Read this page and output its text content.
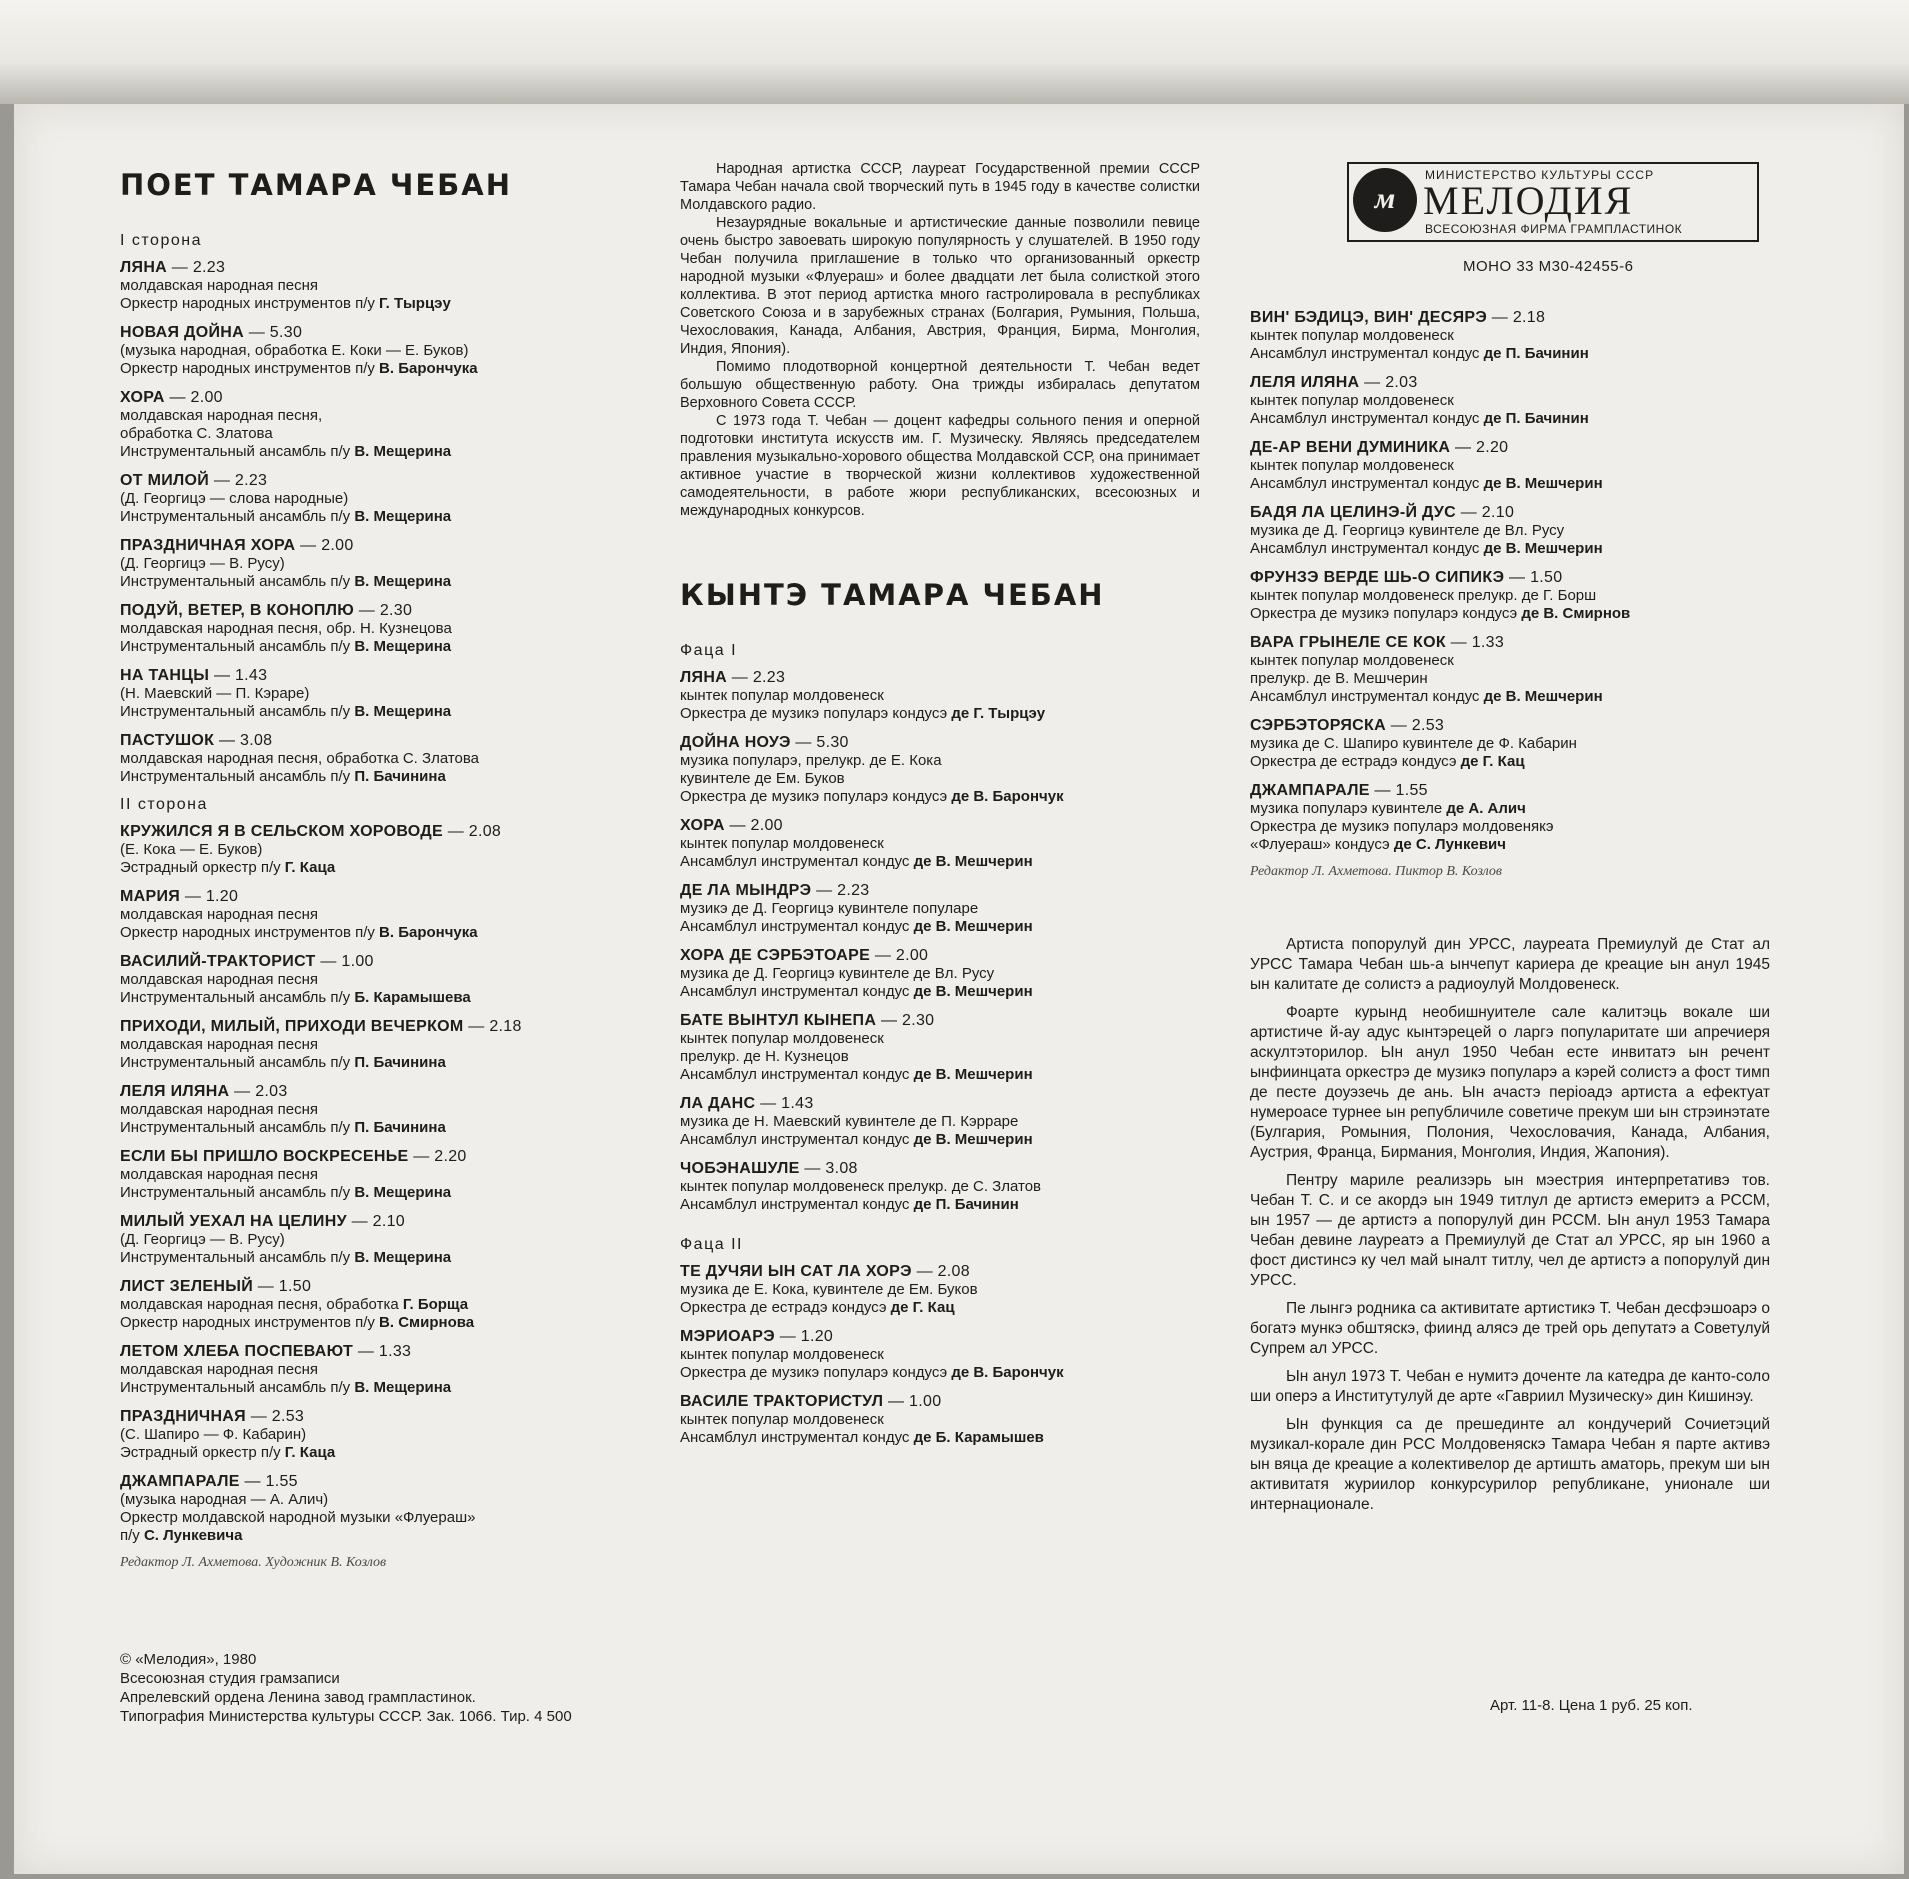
ПОЕТ ТАМАРА ЧЕБАН
I сторона
ЛЯНА — 2.23
молдавская народная песня
Оркестр народных инструментов п/у Г. Тырцэу
НОВАЯ ДОЙНА — 5.30
(музыка народная, обработка Е. Коки — Е. Буков)
Оркестр народных инструментов п/у В. Барончука
ХОРА — 2.00
молдавская народная песня,
обработка С. Златова
Инструментальный ансамбль п/у В. Мещерина
ОТ МИЛОЙ — 2.23
(Д. Георгицэ — слова народные)
Инструментальный ансамбль п/у В. Мещерина
ПРАЗДНИЧНАЯ ХОРА — 2.00
(Д. Георгицэ — В. Русу)
Инструментальный ансамбль п/у В. Мещерина
ПОДУЙ, ВЕТЕР, В КОНОПЛЮ — 2.30
молдавская народная песня, обр. Н. Кузнецова
Инструментальный ансамбль п/у В. Мещерина
НА ТАНЦЫ — 1.43
(Н. Маевский — П. Кэраре)
Инструментальный ансамбль п/у В. Мещерина
ПАСТУШОК — 3.08
молдавская народная песня, обработка С. Златова
Инструментальный ансамбль п/у П. Бачинина
II сторона
КРУЖИЛСЯ Я В СЕЛЬСКОМ ХОРОВОДЕ — 2.08
(Е. Кока — Е. Буков)
Эстрадный оркестр п/у Г. Каца
МАРИЯ — 1.20
молдавская народная песня
Оркестр народных инструментов п/у В. Барончука
ВАСИЛИЙ-ТРАКТОРИСТ — 1.00
молдавская народная песня
Инструментальный ансамбль п/у Б. Карамышева
ПРИХОДИ, МИЛЫЙ, ПРИХОДИ ВЕЧЕРКОМ — 2.18
молдавская народная песня
Инструментальный ансамбль п/у П. Бачинина
ЛЕЛЯ ИЛЯНА — 2.03
молдавская народная песня
Инструментальный ансамбль п/у П. Бачинина
ЕСЛИ БЫ ПРИШЛО ВОСКРЕСЕНЬЕ — 2.20
молдавская народная песня
Инструментальный ансамбль п/у В. Мещерина
МИЛЫЙ УЕХАЛ НА ЦЕЛИНУ — 2.10
(Д. Георгицэ — В. Русу)
Инструментальный ансамбль п/у В. Мещерина
ЛИСТ ЗЕЛЕНЫЙ — 1.50
молдавская народная песня, обработка Г. Борща
Оркестр народных инструментов п/у В. Смирнова
ЛЕТОМ ХЛЕБА ПОСПЕВАЮТ — 1.33
молдавская народная песня
Инструментальный ансамбль п/у В. Мещерина
ПРАЗДНИЧНАЯ — 2.53
(С. Шапиро — Ф. Кабарин)
Эстрадный оркестр п/у Г. Каца
ДЖАМПАРАЛЕ — 1.55
(музыка народная — А. Алич)
Оркестр молдавской народной музыки «Флуераш»
п/у С. Лункевича
Редактор Л. Ахметова. Художник В. Козлов
© «Мелодия», 1980
Всесоюзная студия грамзаписи
Апрелевский ордена Ленина завод грампластинок.
Типография Министерства культуры СССР. Зак. 1066. Тир. 4 500

Народная артистка СССР, лауреат Государственной премии СССР Тамара Чебан начала свой творческий путь в 1945 году в качестве солистки Молдавского радио.

Незаурядные вокальные и артистические данные позволили певице очень быстро завоевать широкую популярность у слушателей. В 1950 году Чебан получила приглашение в только что организованный оркестр народной музыки «Флуераш» и более двадцати лет была солисткой этого коллектива. В этот период артистка много гастролировала в республиках Советского Союза и в зарубежных странах (Болгария, Румыния, Польша, Чехословакия, Канада, Албания, Австрия, Франция, Бирма, Монголия, Индия, Япония).

Помимо плодотворной концертной деятельности Т. Чебан ведет большую общественную работу. Она трижды избиралась депутатом Верховного Совета СССР.

С 1973 года Т. Чебан — доцент кафедры сольного пения и оперной подготовки института искусств им. Г. Музическу. Являясь председателем правления музыкально-хорового общества Молдавской ССР, она принимает активное участие в творческой жизни коллективов художественной самодеятельности, в работе жюри республиканских, всесоюзных и международных конкурсов.

КЫНТЭ ТАМАРА ЧЕБАН
Фаца I
ЛЯНА — 2.23
кынтек популар молдовенеск
Оркестра де музикэ популарэ кондусэ де Г. Тырцэу
ДОЙНА НОУЭ — 5.30
музика популарэ, прелукр. де Е. Кока
кувинтеле де Ем. Буков
Оркестра де музикэ популарэ кондусэ де В. Барончук
ХОРА — 2.00
кынтек популар молдовенеск
Ансамблул инструментал кондус де В. Мешчерин
ДЕ ЛА МЫНДРЭ — 2.23
музикэ де Д. Георгицэ кувинтеле популаре
Ансамблул инструментал кондус де В. Мешчерин
ХОРА ДЕ СЭРБЭТОАРЕ — 2.00
музика де Д. Георгицэ кувинтеле де Вл. Русу
Ансамблул инструментал кондус де В. Мешчерин
БАТЕ ВЫНТУЛ КЫНЕПА — 2.30
кынтек популар молдовенеск
прелукр. де Н. Кузнецов
Ансамблул инструментал кондус де В. Мешчерин
ЛА ДАНС — 1.43
музика де Н. Маевский кувинтеле де П. Кэрраре
Ансамблул инструментал кондус де В. Мешчерин
ЧОБЭНАШУЛЕ — 3.08
кынтек популар молдовенеск прелукр. де С. Златов
Ансамблул инструментал кондус де П. Бачинин
Фаца II
ТЕ ДУЧЯИ ЫН САТ ЛА ХОРЭ — 2.08
музика де Е. Кока, кувинтеле де Ем. Буков
Оркестра де естрадэ кондусэ де Г. Кац
МЭРИОАРЭ — 1.20
кынтек популар молдовенеск
Оркестра де музикэ популарэ кондусэ де В. Барончук
ВАСИЛЕ ТРАКТОРИСТУЛ — 1.00
кынтек популар молдовенеск
Ансамблул инструментал кондус де Б. Карамышев
м
МИНИСТЕРСТВО КУЛЬТУРЫ СССР
МЕЛОДИЯ
ВСЕСОЮЗНАЯ ФИРМА ГРАМПЛАСТИНОК
МОНО 33 М30-42455-6
ВИН' БЭДИЦЭ, ВИН' ДЕСЯРЭ — 2.18
кынтек популар молдовенеск
Ансамблул инструментал кондус де П. Бачинин
ЛЕЛЯ ИЛЯНА — 2.03
кынтек популар молдовенеск
Ансамблул инструментал кондус де П. Бачинин
ДЕ-АР ВЕНИ ДУМИНИКА — 2.20
кынтек популар молдовенеск
Ансамблул инструментал кондус де В. Мешчерин
БАДЯ ЛА ЦЕЛИНЭ-Й ДУС — 2.10
музика де Д. Георгицэ кувинтеле де Вл. Русу
Ансамблул инструментал кондус де В. Мешчерин
ФРУНЗЭ ВЕРДЕ ШЬ-О СИПИКЭ — 1.50
кынтек популар молдовенеск прелукр. де Г. Борш
Оркестра де музикэ популарэ кондусэ де В. Смирнов
ВАРА ГРЫНЕЛЕ СЕ КОК — 1.33
кынтек популар молдовенеск
прелукр. де В. Мешчерин
Ансамблул инструментал кондус де В. Мешчерин
СЭРБЭТОРЯСКА — 2.53
музика де С. Шапиро кувинтеле де Ф. Кабарин
Оркестра де естрадэ кондусэ де Г. Кац
ДЖАМПАРАЛЕ — 1.55
музика популарэ кувинтеле де А. Алич
Оркестра де музикэ популарэ молдовенякэ
«Флуераш» кондусэ де С. Лункевич
Редактор Л. Ахметова. Пиктор В. Козлов

Артиста попорулуй дин УРСС, лауреата Премиулуй де Стат ал УРСС Тамара Чебан шь-а ынчепут кариера де креацие ын анул 1945 ын калитате де солистэ а радиоулуй Молдовенеск.

Фоарте курынд необишнуителе сале калитэць вокале ши артистиче й-ау адус кынтэрецей о ларгэ популаритате ши апречиеря аскултэторилор. Ын анул 1950 Чебан есте инвитатэ ын речент ынфиинцата оркестрэ де музикэ популарэ а кэрей солистэ а фост тимп де песте доуэзечь де ань. Ын ачастэ перioадэ артиста а ефектуат нумероасе турнее ын републичиле советиче прекум ши ын стрэинэтате (Булгария, Ромыния, Полония, Чехословачия, Канада, Албания, Аустрия, Франца, Бирмания, Монголия, Индия, Жапония).

Пентру мариле реализэрь ын мэестрия интерпретативэ тов. Чебан Т. С. и се акордэ ын 1949 титлул де артистэ емеритэ а РССМ, ын 1957 — де артистэ а попорулуй дин РССМ. Ын анул 1953 Тамара Чебан девине лауреатэ а Премиулуй де Стат ал УРСС, яр ын 1960 а фост дистинсэ ку чел май ыналт титлу, чел де артистэ а попорулуй дин УРСС.

Пе лынгэ родника са активитате артистикэ Т. Чебан десфэшоарэ о богатэ мункэ обштяскэ, фиинд алясэ де трей орь депутатэ а Советулуй Супрем ал УРСС.

Ын анул 1973 Т. Чебан е нумитэ доченте ла катедра де канто-соло ши оперэ а Институтулуй де арте «Гавриил Музическу» дин Кишинэу.

Ын функция са де прешединте ал кондучерий Сочиетэций музикал-корале дин РСС Молдовеняскэ Тамара Чебан я парте активэ ын вяца де креацие а колективелор де артишть аматорь, прекум ши ын активитатя журиилор конкурсурилор републикане, унионале ши интернационале.

Арт. 11-8. Цена 1 руб. 25 коп.
